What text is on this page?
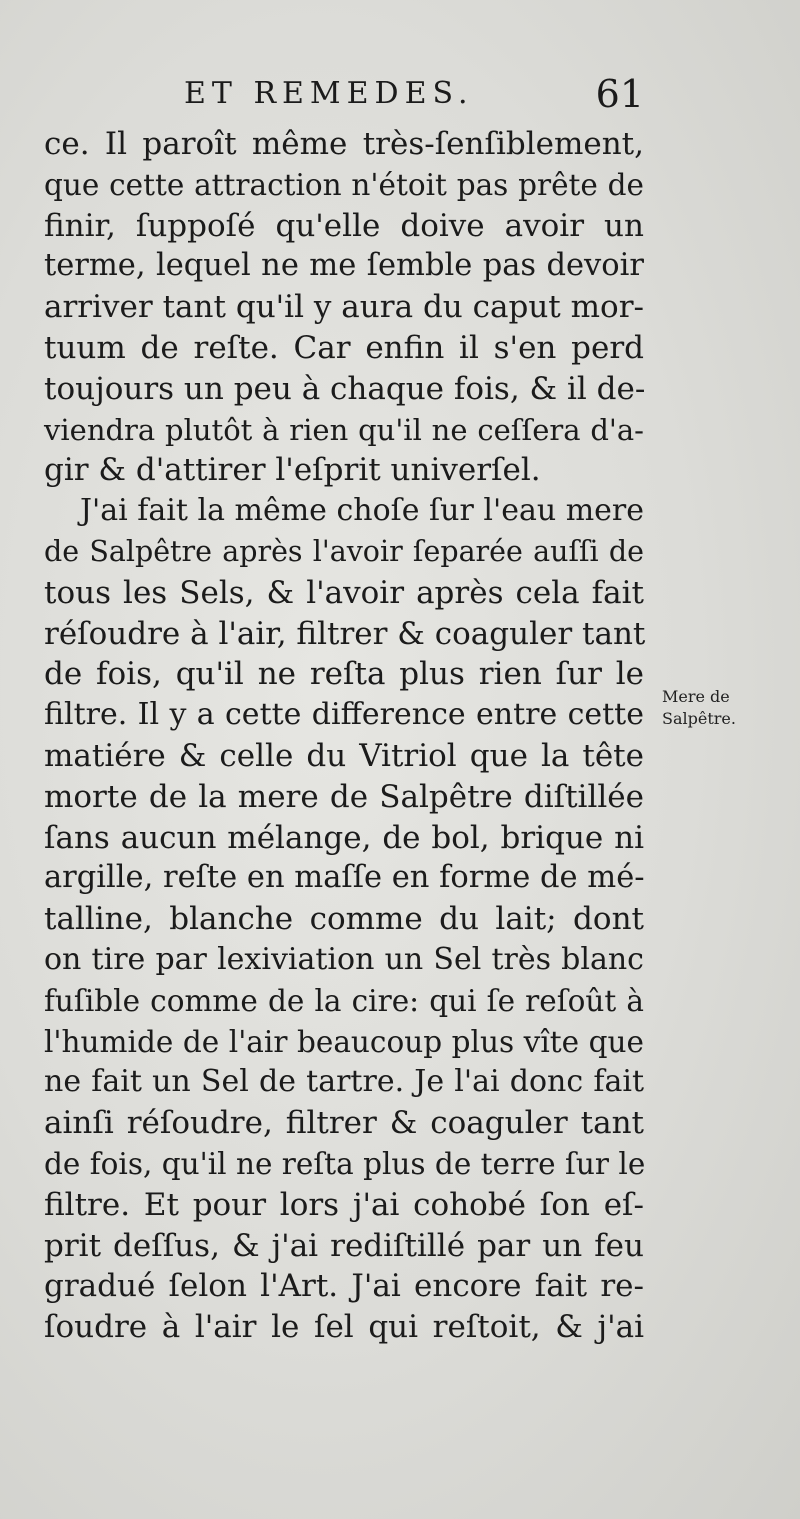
ET REMEDES.	61
ce. Il paroît même très-ſenſiblement,
que cette attraction n'étoit pas prête de
finir, ſuppoſé qu'elle doive avoir un
terme, lequel ne me ſemble pas devoir
arriver tant qu'il y aura du caput mor-
tuum de reſte. Car enfin il s'en perd
toujours un peu à chaque fois, & il de-
viendra plutôt à rien qu'il ne ceſſera d'a-
gir & d'attirer l'eſprit univerſel.
J'ai fait la même choſe ſur l'eau mere
de Salpêtre après l'avoir ſeparée auſſi de
tous les Sels, & l'avoir après cela fait
réſoudre à l'air, filtrer & coaguler tant
de fois, qu'il ne reſta plus rien ſur le
filtre. Il y a cette difference entre cette
matiére & celle du Vitriol que la tête
morte de la mere de Salpêtre diſtillée
ſans aucun mélange, de bol, brique ni
argille, reſte en maſſe en forme de mé-
talline, blanche comme du lait; dont
on tire par lexiviation un Sel très blanc
fuſible comme de la cire: qui ſe reſoût à
l'humide de l'air beaucoup plus vîte que
ne fait un Sel de tartre. Je l'ai donc fait
ainſi réſoudre, filtrer & coaguler tant
de fois, qu'il ne reſta plus de terre ſur le
filtre. Et pour lors j'ai cohobé ſon eſ-
prit deſſus, & j'ai rediſtillé par un feu
gradué ſelon l'Art. J'ai encore fait re-
ſoudre à l'air le ſel qui reſtoit, & j'ai
Mere de
Salpêtre.
